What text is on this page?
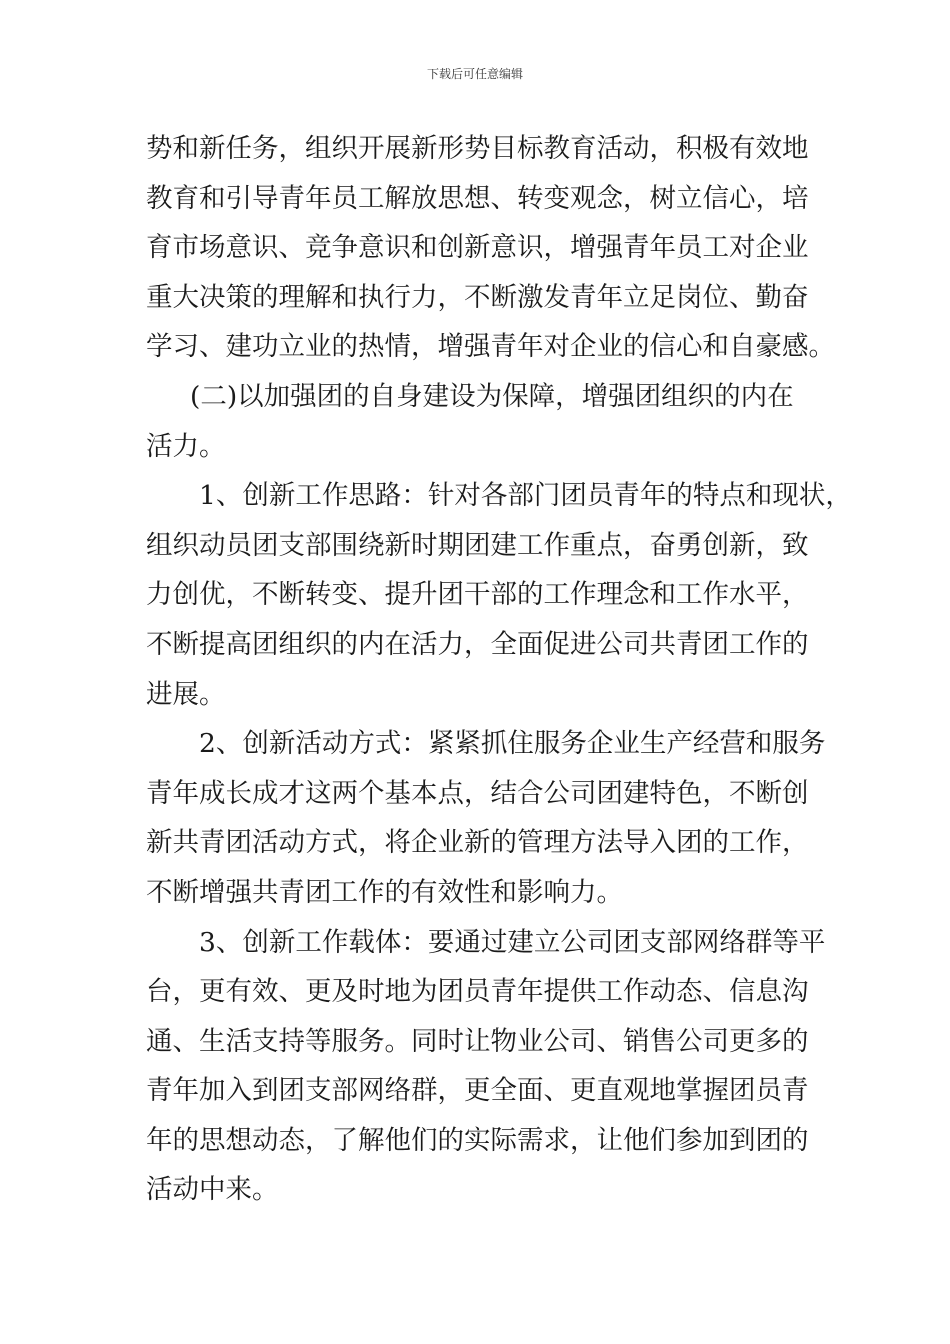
下载后可任意编辑
势和新任务，组织开展新形势目标教育活动，积极有效地
教育和引导青年员工解放思想、转变观念，树立信心，培
育市场意识、竞争意识和创新意识，增强青年员工对企业
重大决策的理解和执行力，不断激发青年立足岗位、勤奋
学习、建功立业的热情，增强青年对企业的信心和自豪感。
(二)以加强团的自身建设为保障，增强团组织的内在
活力。
1、创新工作思路：针对各部门团员青年的特点和现状，
组织动员团支部围绕新时期团建工作重点，奋勇创新，致
力创优，不断转变、提升团干部的工作理念和工作水平，
不断提高团组织的内在活力，全面促进公司共青团工作的
进展。
2、创新活动方式：紧紧抓住服务企业生产经营和服务
青年成长成才这两个基本点，结合公司团建特色，不断创
新共青团活动方式，将企业新的管理方法导入团的工作，
不断增强共青团工作的有效性和影响力。
3、创新工作载体：要通过建立公司团支部网络群等平
台，更有效、更及时地为团员青年提供工作动态、信息沟
通、生活支持等服务。同时让物业公司、销售公司更多的
青年加入到团支部网络群，更全面、更直观地掌握团员青
年的思想动态，了解他们的实际需求，让他们参加到团的
活动中来。
